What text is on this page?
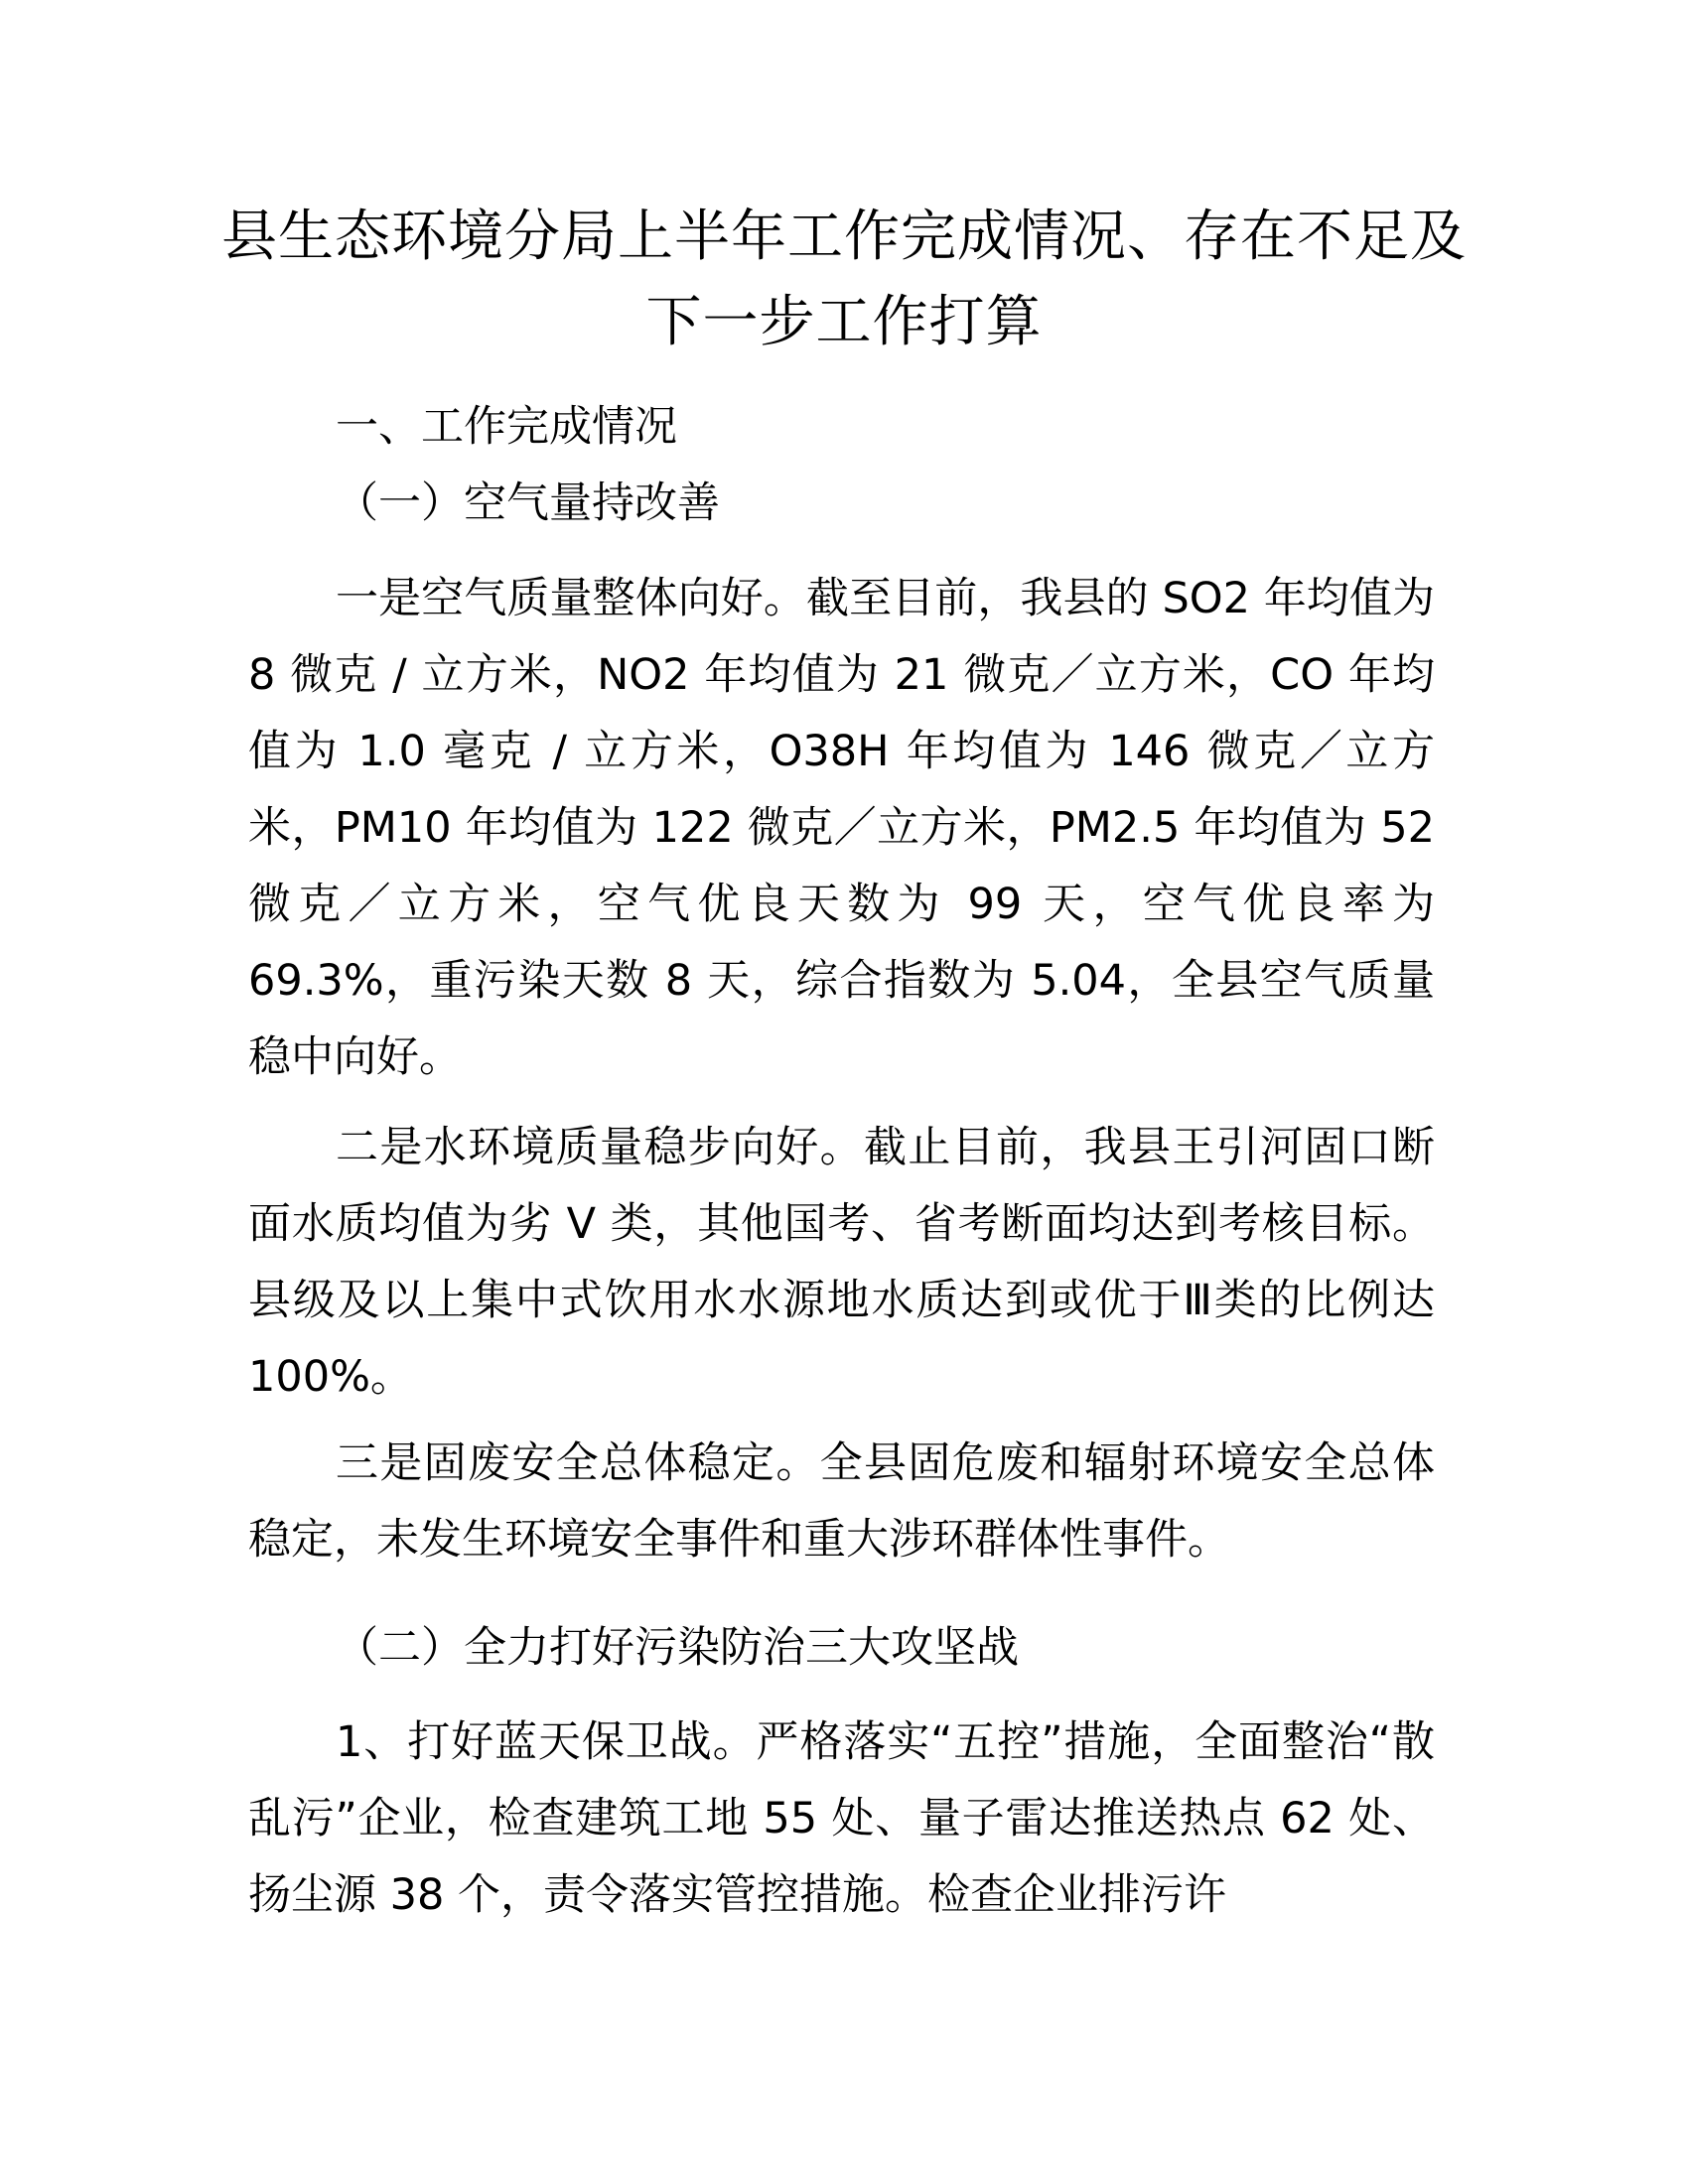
县生态环境分局上半年工作完成情况、存在不足及下一步工作打算

一、工作完成情况

（一）空气量持改善

一是空气质量整体向好。截至目前，我县的 SO2 年均值为 8 微克 / 立方米，NO2 年均值为 21 微克／立方米，CO 年均值为 1.0 毫克 / 立方米，O38H 年均值为 146 微克／立方米，PM10 年均值为 122 微克／立方米，PM2.5 年均值为 52 微克／立方米，空气优良天数为 99 天，空气优良率为 69.3%，重污染天数 8 天，综合指数为 5.04，全县空气质量稳中向好。

二是水环境质量稳步向好。截止目前，我县王引河固口断面水质均值为劣 V 类，其他国考、省考断面均达到考核目标。县级及以上集中式饮用水水源地水质达到或优于Ⅲ类的比例达 100%。

三是固废安全总体稳定。全县固危废和辐射环境安全总体稳定，未发生环境安全事件和重大涉环群体性事件。

（二）全力打好污染防治三大攻坚战

1、打好蓝天保卫战。严格落实“五控”措施，全面整治“散乱污”企业，检查建筑工地 55 处、量子雷达推送热点 62 处、扬尘源 38 个，责令落实管控措施。检查企业排污许
